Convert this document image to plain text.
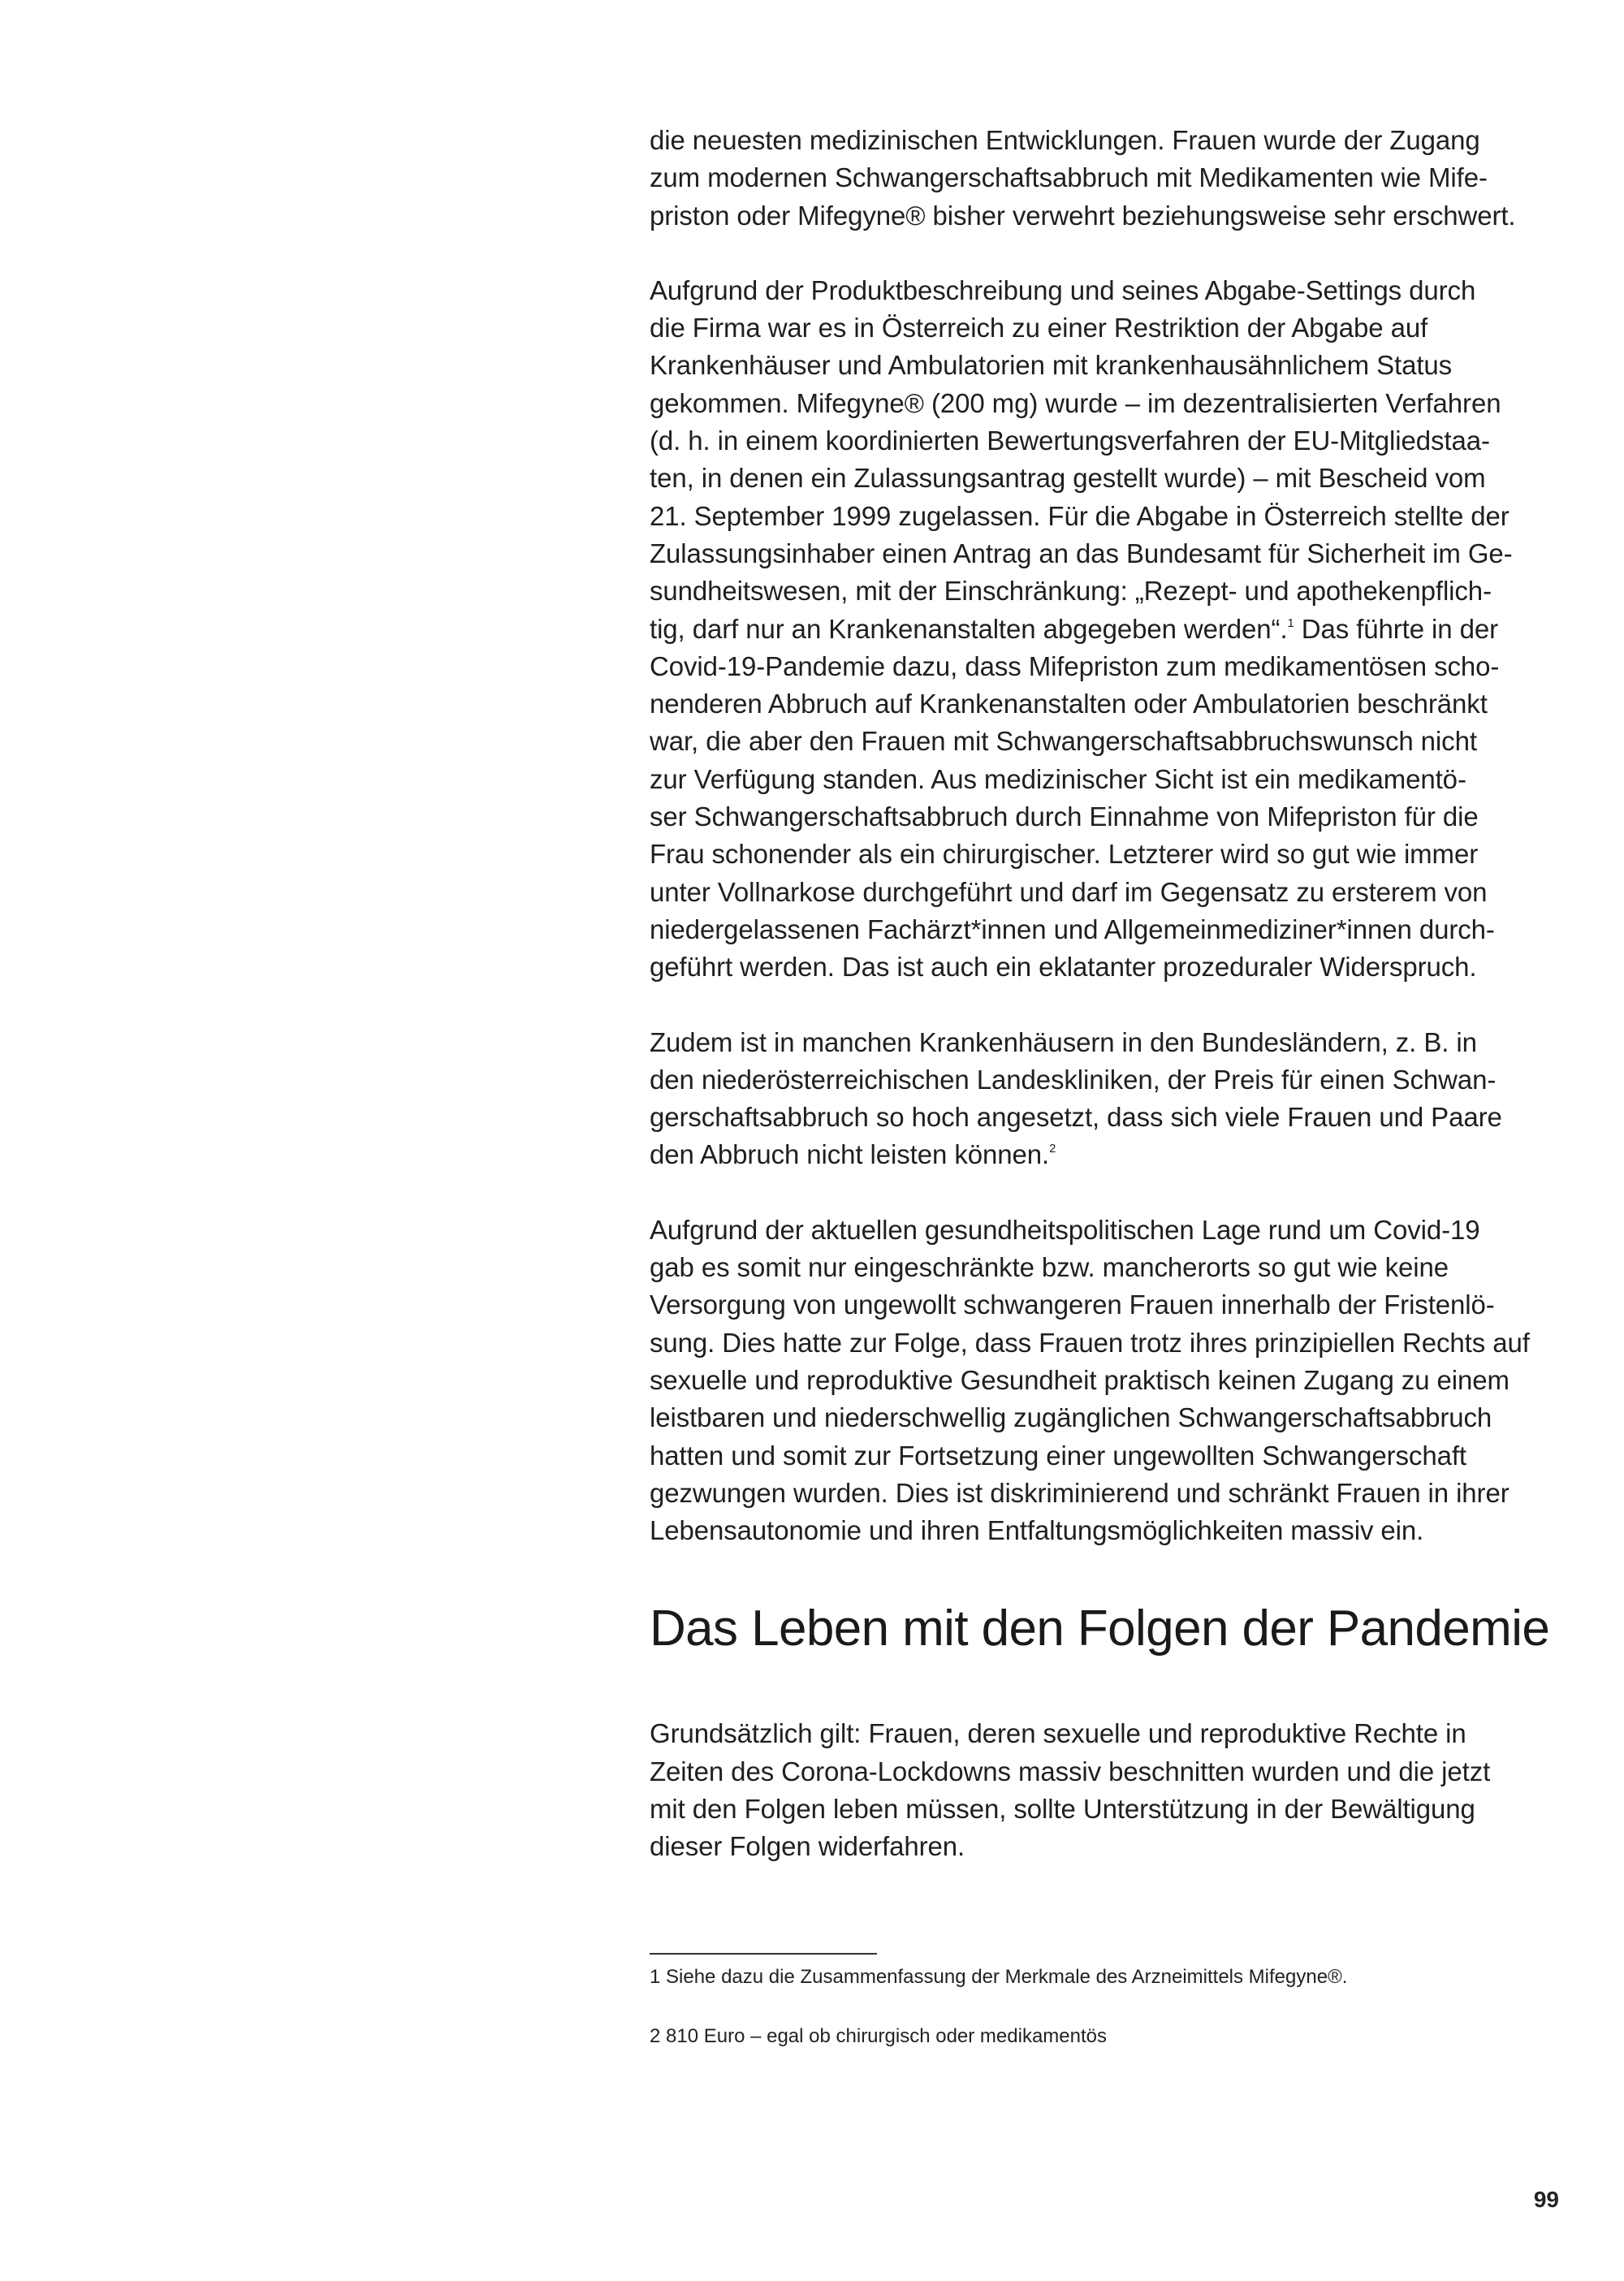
die neuesten medizinischen Entwicklungen. Frauen wurde der Zugang
zum modernen Schwangerschaftsabbruch mit Medikamenten wie Mife-
priston oder Mifegyne® bisher verwehrt beziehungsweise sehr erschwert.

Aufgrund der Produktbeschreibung und seines Abgabe-Settings durch
die Firma war es in Österreich zu einer Restriktion der Abgabe auf
Krankenhäuser und Ambulatorien mit krankenhausähnlichem Status
gekommen. Mifegyne® (200 mg) wurde – im dezentralisierten Verfahren
(d. h. in einem koordinierten Bewertungsverfahren der EU-Mitgliedstaa-
ten, in denen ein Zulassungsantrag gestellt wurde) – mit Bescheid vom
21. September 1999 zugelassen. Für die Abgabe in Österreich stellte der
Zulassungsinhaber einen Antrag an das Bundesamt für Sicherheit im Ge-
sundheitswesen, mit der Einschränkung: „Rezept- und apothekenpflich-
tig, darf nur an Krankenanstalten abgegeben werden“.$^1$ Das führte in der
Covid-19-Pandemie dazu, dass Mifepriston zum medikamentösen scho-
nenderen Abbruch auf Krankenanstalten oder Ambulatorien beschränkt
war, die aber den Frauen mit Schwangerschaftsabbruchswunsch nicht
zur Verfügung standen. Aus medizinischer Sicht ist ein medikamentö-
ser Schwangerschaftsabbruch durch Einnahme von Mifepriston für die
Frau schonender als ein chirurgischer. Letzterer wird so gut wie immer
unter Vollnarkose durchgeführt und darf im Gegensatz zu ersterem von
niedergelassenen Fachärzt*innen und Allgemeinmediziner*innen durch-
geführt werden. Das ist auch ein eklatanter prozeduraler Widerspruch.

Zudem ist in manchen Krankenhäusern in den Bundesländern, z. B. in
den niederösterreichischen Landeskliniken, der Preis für einen Schwan-
gerschaftsabbruch so hoch angesetzt, dass sich viele Frauen und Paare
den Abbruch nicht leisten können.$^2$

Aufgrund der aktuellen gesundheitspolitischen Lage rund um Covid-19
gab es somit nur eingeschränkte bzw. mancherorts so gut wie keine
Versorgung von ungewollt schwangeren Frauen innerhalb der Fristenlö-
sung. Dies hatte zur Folge, dass Frauen trotz ihres prinzipiellen Rechts auf
sexuelle und reproduktive Gesundheit praktisch keinen Zugang zu einem
leistbaren und niederschwellig zugänglichen Schwangerschaftsabbruch
hatten und somit zur Fortsetzung einer ungewollten Schwangerschaft
gezwungen wurden. Dies ist diskriminierend und schränkt Frauen in ihrer
Lebensautonomie und ihren Entfaltungsmöglichkeiten massiv ein.

Das Leben mit den Folgen der Pandemie

Grundsätzlich gilt: Frauen, deren sexuelle und reproduktive Rechte in
Zeiten des Corona-Lockdowns massiv beschnitten wurden und die jetzt
mit den Folgen leben müssen, sollte Unterstützung in der Bewältigung
dieser Folgen widerfahren.

1 Siehe dazu die Zusammenfassung der Merkmale des Arzneimittels Mifegyne®.

2 810 Euro – egal ob chirurgisch oder medikamentös

99
